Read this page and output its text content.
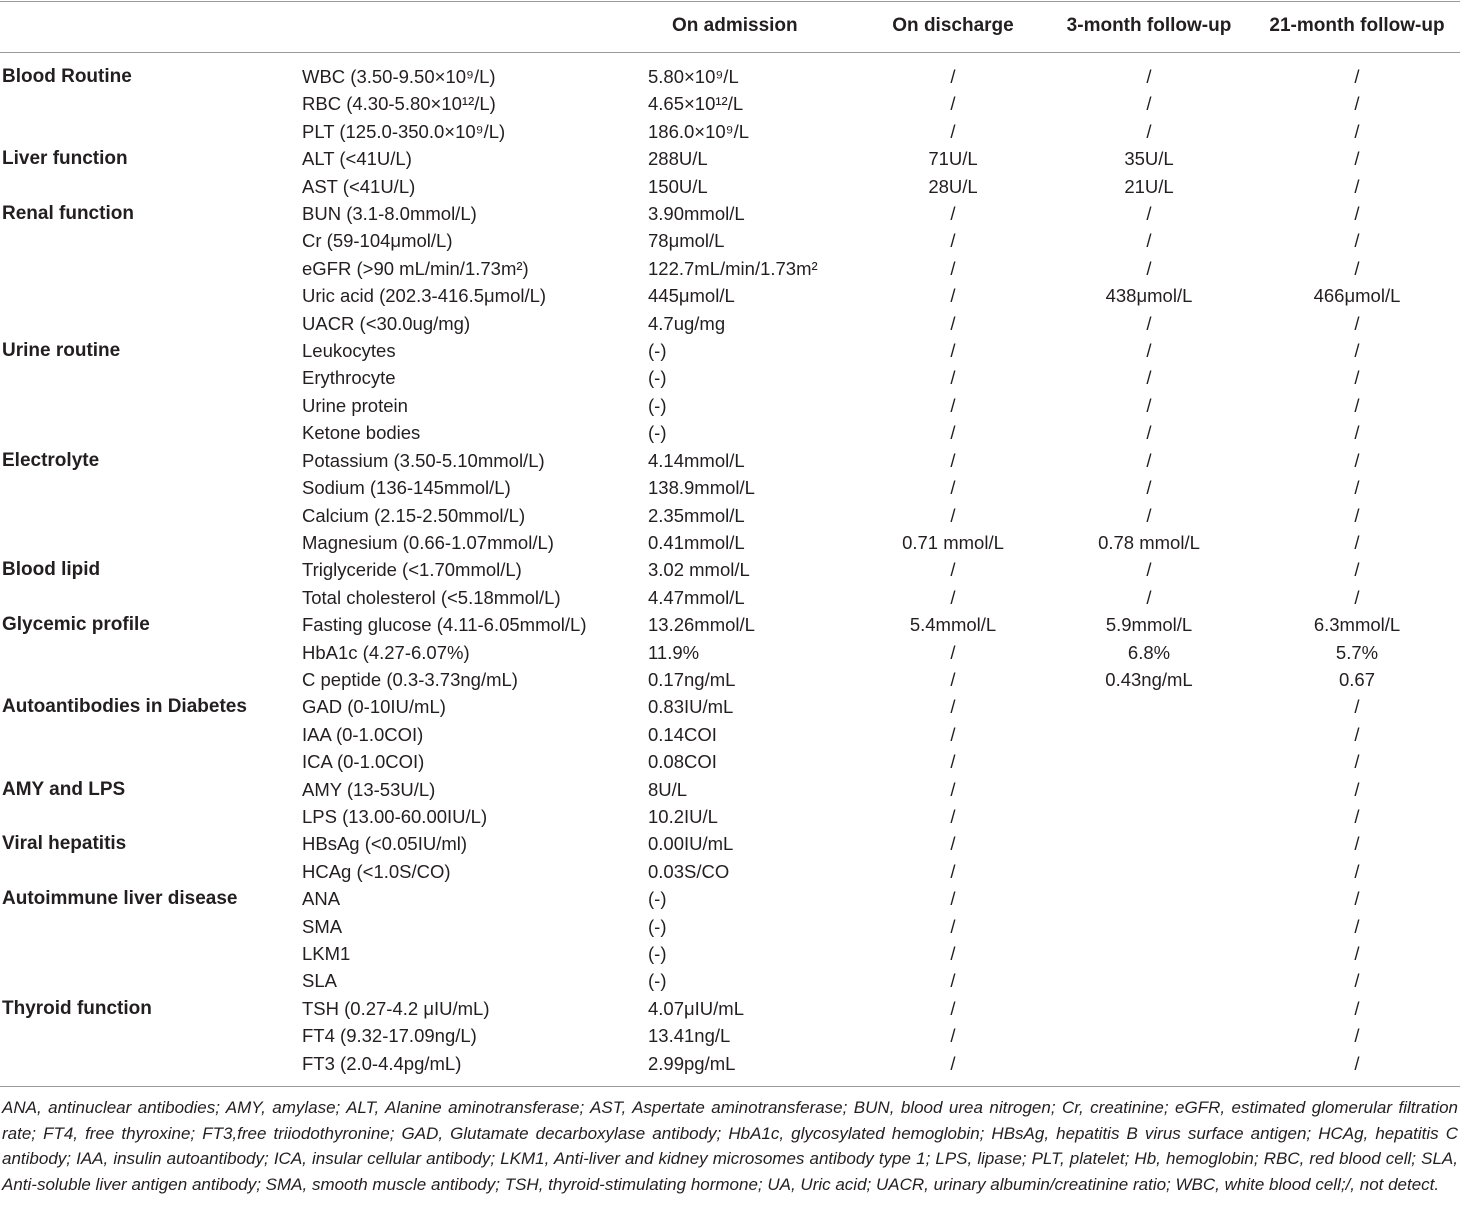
		On admission	On discharge	3-month follow-up	21-month follow-up

Blood Routine	WBC (3.50-9.50×10⁹/L)	5.80×10⁹/L	/	/	/
	RBC (4.30-5.80×10¹²/L)	4.65×10¹²/L	/	/	/
	PLT (125.0-350.0×10⁹/L)	186.0×10⁹/L	/	/	/
Liver function	ALT (<41U/L)	288U/L	71U/L	35U/L	/
	AST (<41U/L)	150U/L	28U/L	21U/L	/
Renal function	BUN (3.1-8.0mmol/L)	3.90mmol/L	/	/	/
	Cr (59-104μmol/L)	78μmol/L	/	/	/
	eGFR (>90 mL/min/1.73m²)	122.7mL/min/1.73m²	/	/	/
	Uric acid (202.3-416.5μmol/L)	445μmol/L	/	438μmol/L	466μmol/L
	UACR (<30.0ug/mg)	4.7ug/mg	/	/	/
Urine routine	Leukocytes	(-)	/	/	/
	Erythrocyte	(-)	/	/	/
	Urine protein	(-)	/	/	/
	Ketone bodies	(-)	/	/	/
Electrolyte	Potassium (3.50-5.10mmol/L)	4.14mmol/L	/	/	/
	Sodium (136-145mmol/L)	138.9mmol/L	/	/	/
	Calcium (2.15-2.50mmol/L)	2.35mmol/L	/	/	/
	Magnesium (0.66-1.07mmol/L)	0.41mmol/L	0.71 mmol/L	0.78 mmol/L	/
Blood lipid	Triglyceride (<1.70mmol/L)	3.02 mmol/L	/	/	/
	Total cholesterol (<5.18mmol/L)	4.47mmol/L	/	/	/
Glycemic profile	Fasting glucose (4.11-6.05mmol/L)	13.26mmol/L	5.4mmol/L	5.9mmol/L	6.3mmol/L
	HbA1c (4.27-6.07%)	11.9%	/	6.8%	5.7%
	C peptide (0.3-3.73ng/mL)	0.17ng/mL	/	0.43ng/mL	0.67
Autoantibodies in Diabetes	GAD (0-10IU/mL)	0.83IU/mL	/		/
	IAA (0-1.0COI)	0.14COI	/		/
	ICA (0-1.0COI)	0.08COI	/		/
AMY and LPS	AMY (13-53U/L)	8U/L	/		/
	LPS (13.00-60.00IU/L)	10.2IU/L	/		/
Viral hepatitis	HBsAg (<0.05IU/ml)	0.00IU/mL	/		/
	HCAg (<1.0S/CO)	0.03S/CO	/		/
Autoimmune liver disease	ANA	(-)	/		/
	SMA	(-)	/		/
	LKM1	(-)	/		/
	SLA	(-)	/		/
Thyroid function	TSH (0.27-4.2 μIU/mL)	4.07μIU/mL	/		/
	FT4 (9.32-17.09ng/L)	13.41ng/L	/		/
	FT3 (2.0-4.4pg/mL)	2.99pg/mL	/		/

ANA, antinuclear antibodies; AMY, amylase; ALT, Alanine aminotransferase; AST, Aspertate aminotransferase; BUN, blood urea nitrogen; Cr, creatinine; eGFR, estimated glomerular filtration rate; FT4, free thyroxine; FT3,free triiodothyronine; GAD, Glutamate decarboxylase antibody; HbA1c, glycosylated hemoglobin; HBsAg, hepatitis B virus surface antigen; HCAg, hepatitis C antibody; IAA, insulin autoantibody; ICA, insular cellular antibody; LKM1, Anti-liver and kidney microsomes antibody type 1; LPS, lipase; PLT, platelet; Hb, hemoglobin; RBC, red blood cell; SLA, Anti-soluble liver antigen antibody; SMA, smooth muscle antibody; TSH, thyroid-stimulating hormone; UA, Uric acid; UACR, urinary albumin/creatinine ratio; WBC, white blood cell;/, not detect.
